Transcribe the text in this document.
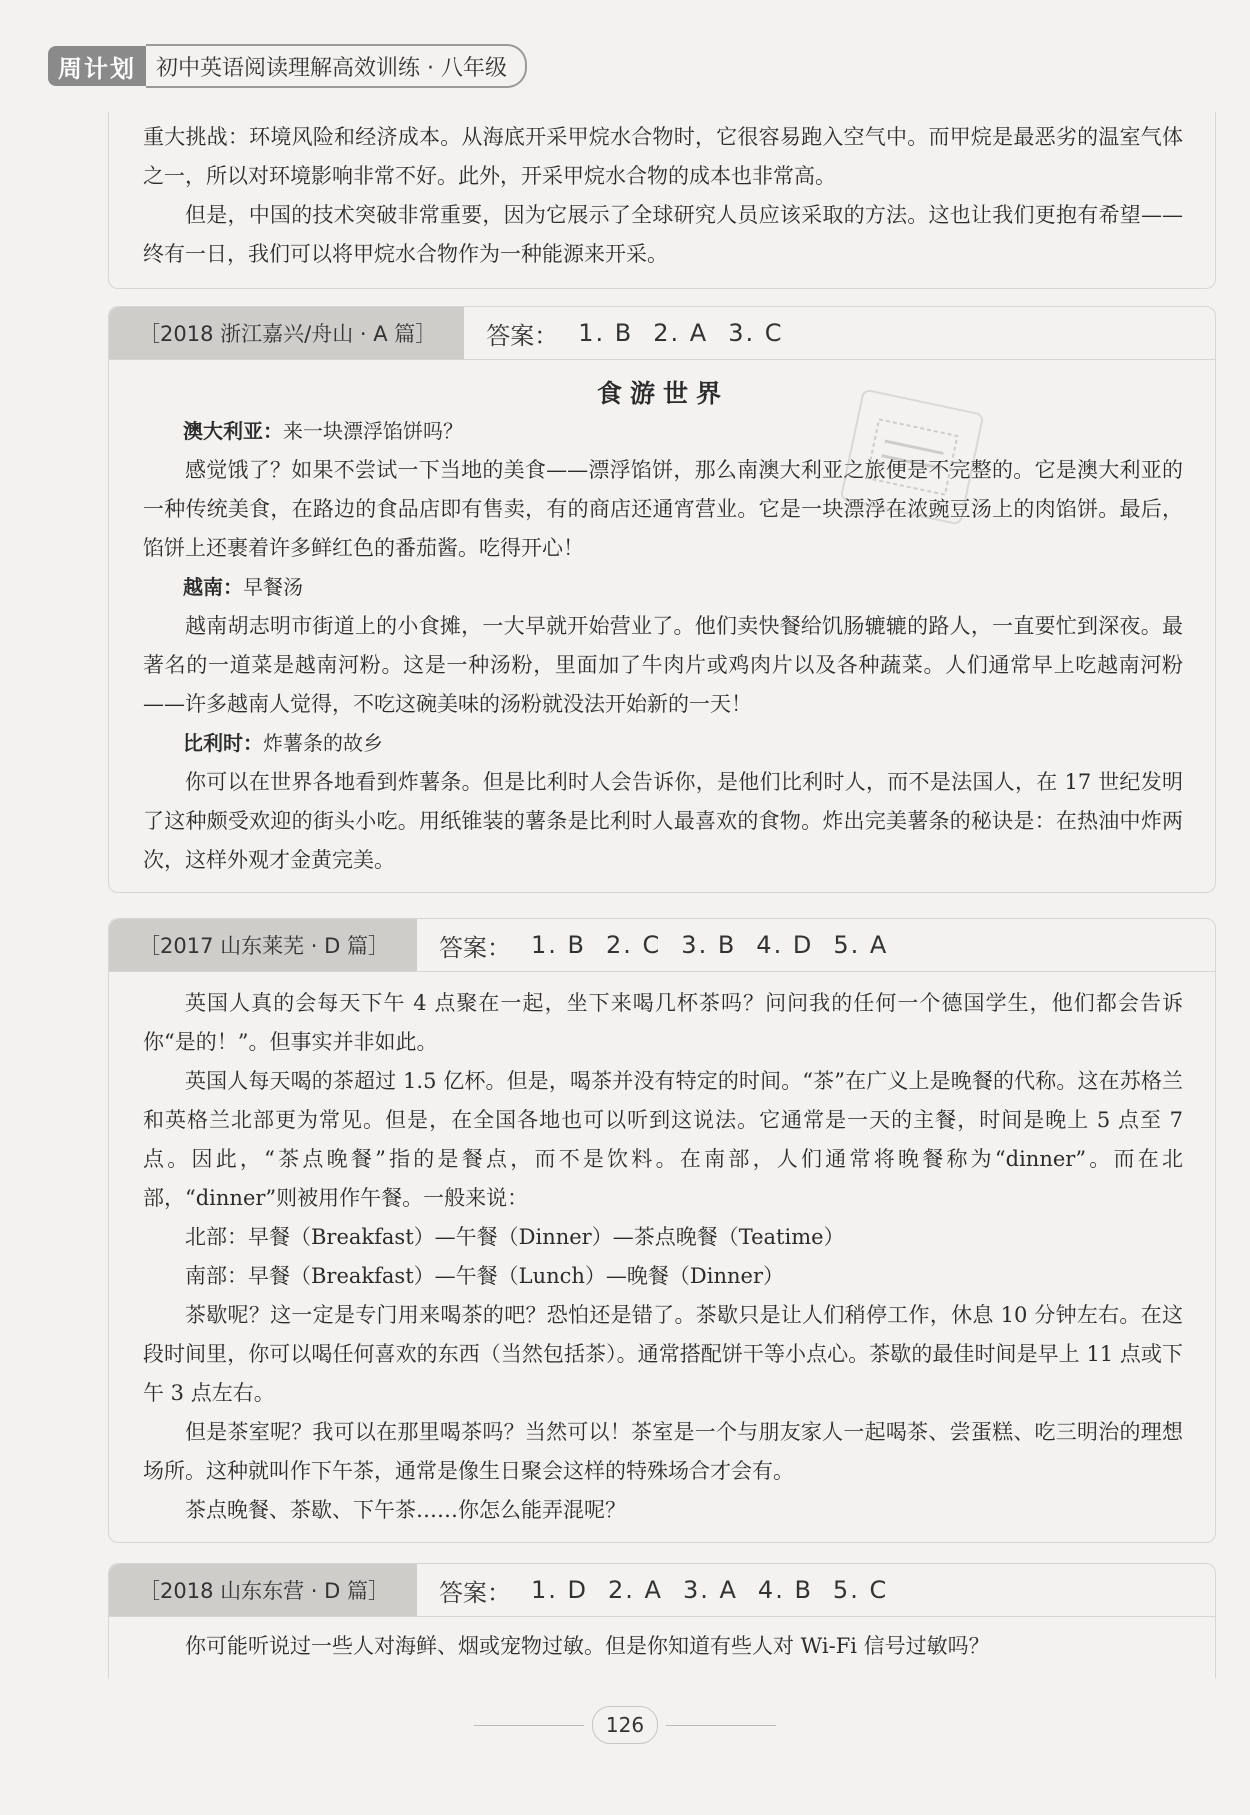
周计划 初中英语阅读理解高效训练 · 八年级

重大挑战：环境风险和经济成本。从海底开采甲烷水合物时，它很容易跑入空气中。而甲烷是最恶劣的温室气体之一，所以对环境影响非常不好。此外，开采甲烷水合物的成本也非常高。

但是，中国的技术突破非常重要，因为它展示了全球研究人员应该采取的方法。这也让我们更抱有希望——终有一日，我们可以将甲烷水合物作为一种能源来开采。

［2018 浙江嘉兴/舟山 · A 篇］	答案： 1. B 2. A 3. C
食游世界

澳大利亚：来一块漂浮馅饼吗？

感觉饿了？如果不尝试一下当地的美食——漂浮馅饼，那么南澳大利亚之旅便是不完整的。它是澳大利亚的一种传统美食，在路边的食品店即有售卖，有的商店还通宵营业。它是一块漂浮在浓豌豆汤上的肉馅饼。最后，馅饼上还裹着许多鲜红色的番茄酱。吃得开心！

越南：早餐汤

越南胡志明市街道上的小食摊，一大早就开始营业了。他们卖快餐给饥肠辘辘的路人，一直要忙到深夜。最著名的一道菜是越南河粉。这是一种汤粉，里面加了牛肉片或鸡肉片以及各种蔬菜。人们通常早上吃越南河粉——许多越南人觉得，不吃这碗美味的汤粉就没法开始新的一天！

比利时：炸薯条的故乡

你可以在世界各地看到炸薯条。但是比利时人会告诉你，是他们比利时人，而不是法国人，在 17 世纪发明了这种颇受欢迎的街头小吃。用纸锥装的薯条是比利时人最喜欢的食物。炸出完美薯条的秘诀是：在热油中炸两次，这样外观才金黄完美。

［2017 山东莱芜 · D 篇］	答案： 1. B 2. C 3. B 4. D 5. A

英国人真的会每天下午 4 点聚在一起，坐下来喝几杯茶吗？问问我的任何一个德国学生，他们都会告诉你“是的！”。但事实并非如此。

英国人每天喝的茶超过 1.5 亿杯。但是，喝茶并没有特定的时间。“茶”在广义上是晚餐的代称。这在苏格兰和英格兰北部更为常见。但是，在全国各地也可以听到这说法。它通常是一天的主餐，时间是晚上 5 点至 7 点。因此，“茶点晚餐”指的是餐点，而不是饮料。在南部，人们通常将晚餐称为“dinner”。而在北部，“dinner”则被用作午餐。一般来说：

北部：早餐（Breakfast）—午餐（Dinner）—茶点晚餐（Teatime）

南部：早餐（Breakfast）—午餐（Lunch）—晚餐（Dinner）

茶歇呢？这一定是专门用来喝茶的吧？恐怕还是错了。茶歇只是让人们稍停工作，休息 10 分钟左右。在这段时间里，你可以喝任何喜欢的东西（当然包括茶）。通常搭配饼干等小点心。茶歇的最佳时间是早上 11 点或下午 3 点左右。

但是茶室呢？我可以在那里喝茶吗？当然可以！茶室是一个与朋友家人一起喝茶、尝蛋糕、吃三明治的理想场所。这种就叫作下午茶，通常是像生日聚会这样的特殊场合才会有。

茶点晚餐、茶歇、下午茶……你怎么能弄混呢？

［2018 山东东营 · D 篇］	答案： 1. D 2. A 3. A 4. B 5. C

你可能听说过一些人对海鲜、烟或宠物过敏。但是你知道有些人对 Wi-Fi 信号过敏吗？

126
